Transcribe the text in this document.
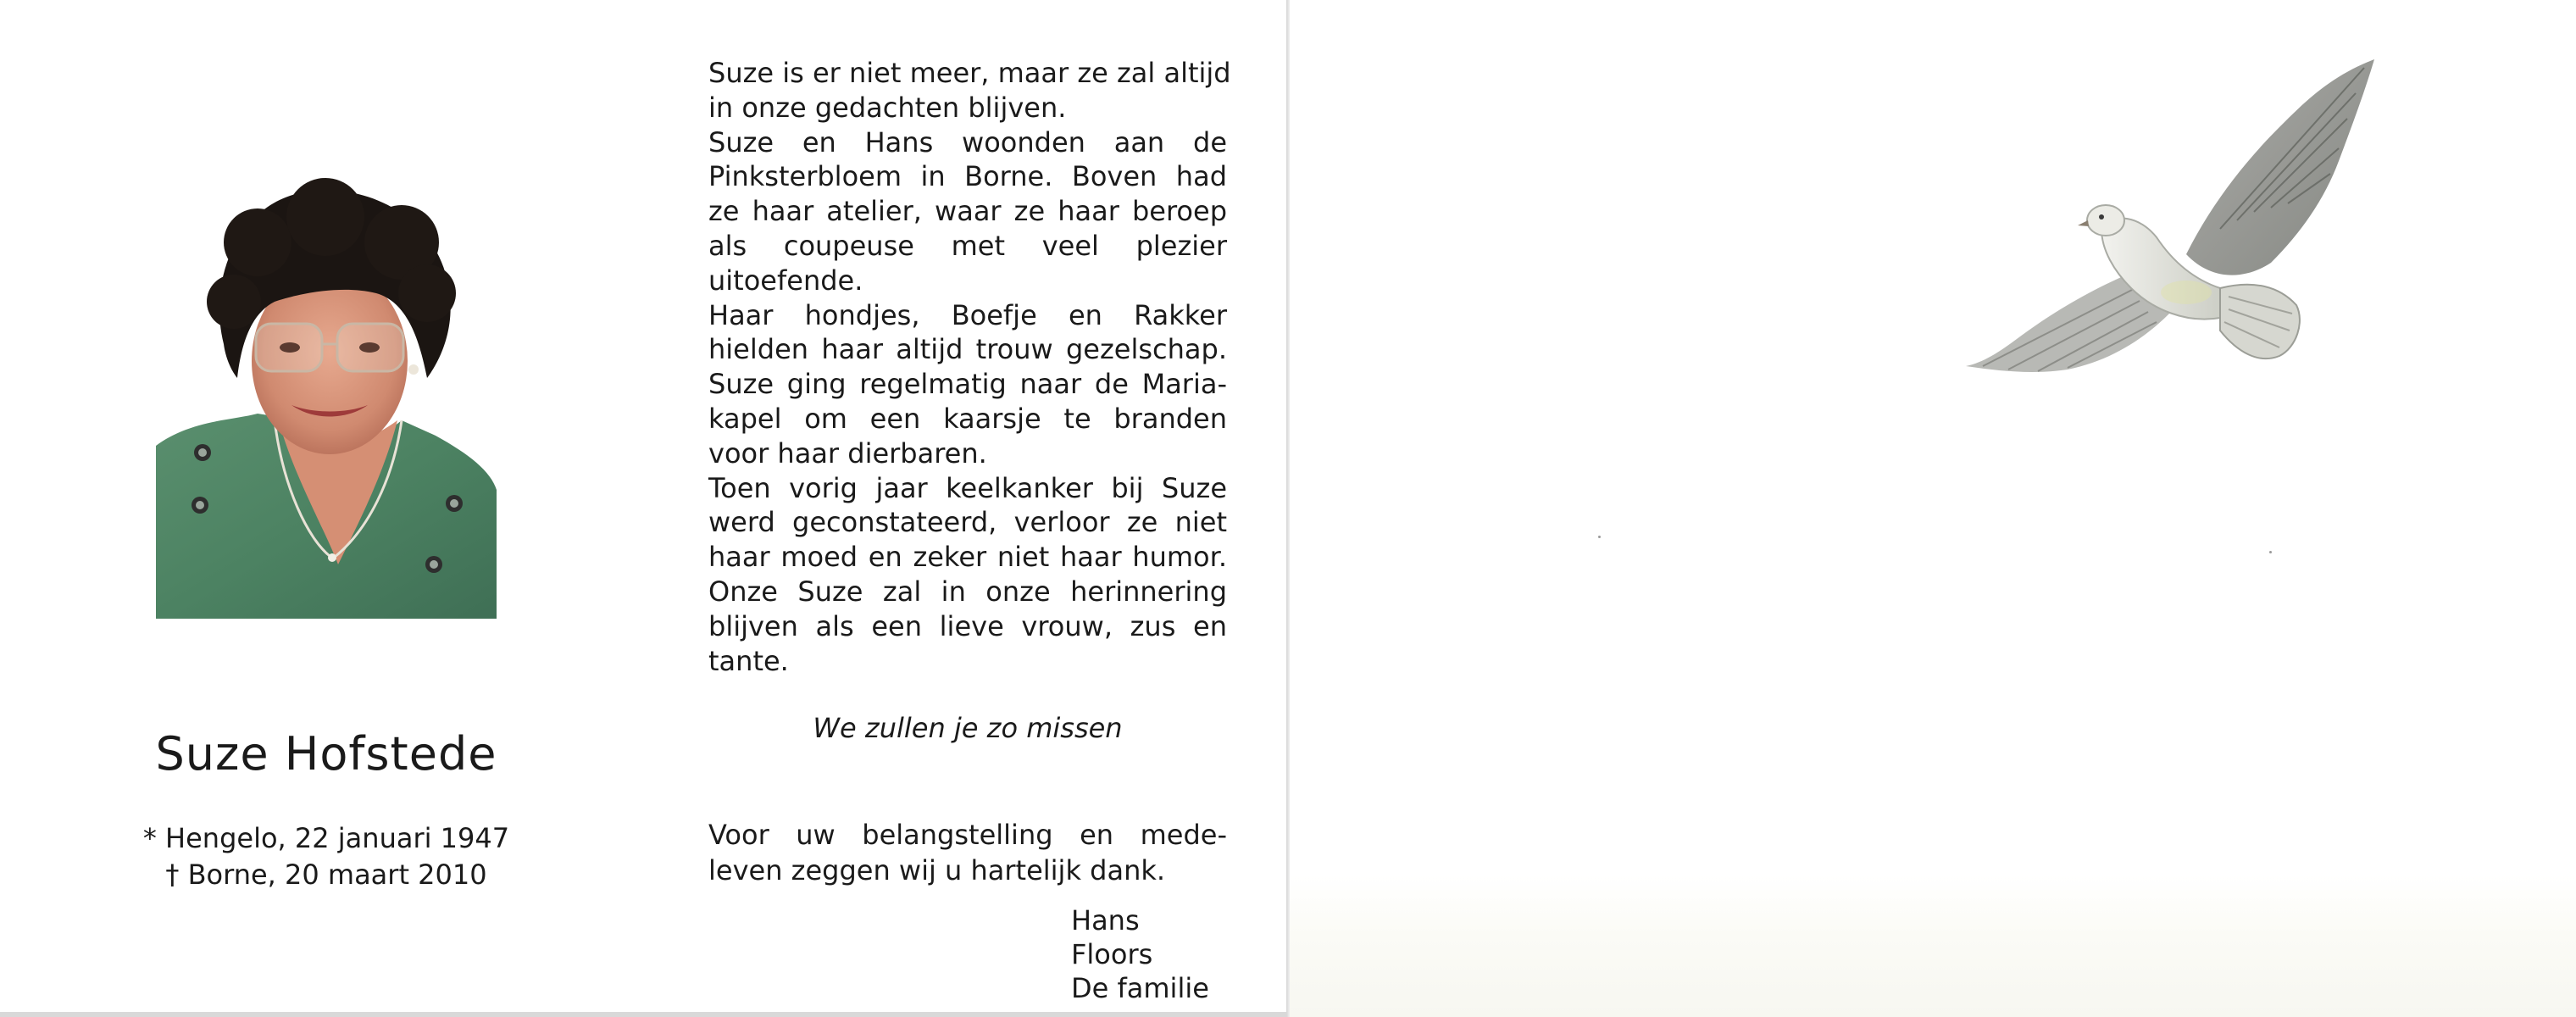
Suze Hofstede
* Hengelo, 22 januari 1947
† Borne, 20 maart 2010
Suze is er niet meer, maar ze zal altijd
in onze gedachten blijven.
Suze en Hans woonden aan de
Pinksterbloem in Borne. Boven had
ze haar atelier, waar ze haar beroep
als coupeuse met veel plezier
uitoefende.
Haar hondjes, Boefje en Rakker
hielden haar altijd trouw gezelschap.
Suze ging regelmatig naar de Maria-
kapel om een kaarsje te branden
voor haar dierbaren.
Toen vorig jaar keelkanker bij Suze
werd geconstateerd, verloor ze niet
haar moed en zeker niet haar humor.
Onze Suze zal in onze herinnering
blijven als een lieve vrouw, zus en
tante.
We zullen je zo missen
Voor uw belangstelling en mede-
leven zeggen wij u hartelijk dank.
Hans Floors
De familie
